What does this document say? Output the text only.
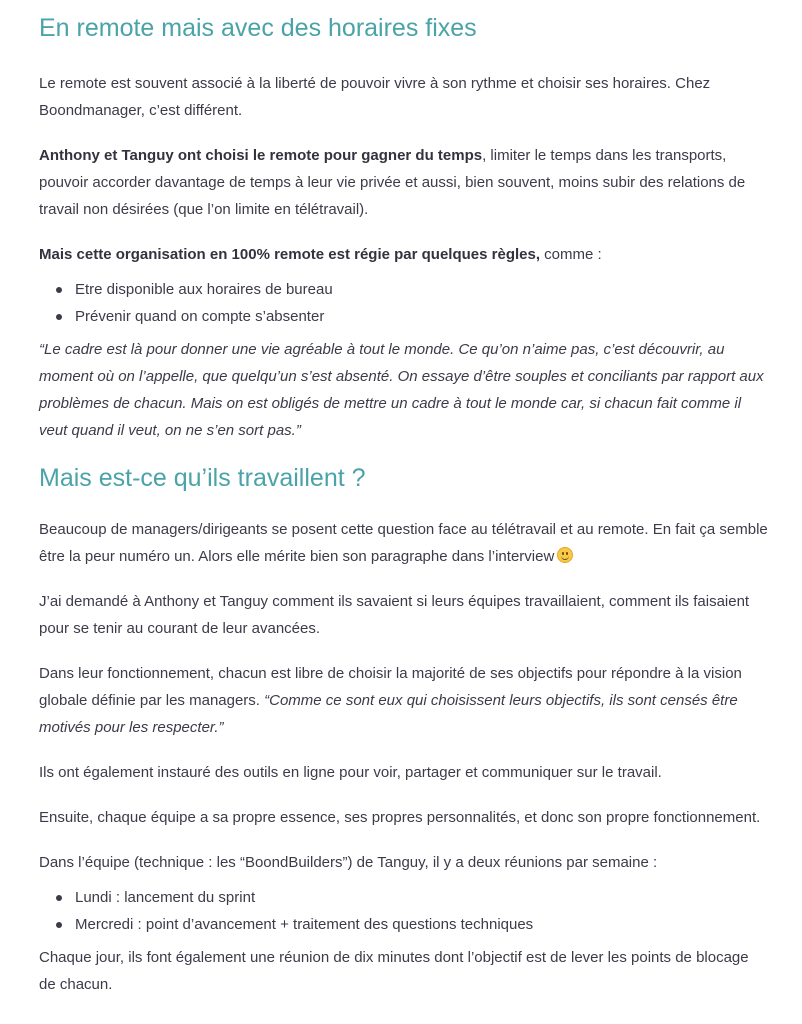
En remote mais avec des horaires fixes

Le remote est souvent associé à la liberté de pouvoir vivre à son rythme et choisir ses horaires. Chez Boondmanager, c’est différent.

Anthony et Tanguy ont choisi le remote pour gagner du temps, limiter le temps dans les transports, pouvoir accorder davantage de temps à leur vie privée et aussi, bien souvent, moins subir des relations de travail non désirées (que l’on limite en télétravail).

Mais cette organisation en 100% remote est régie par quelques règles, comme :

Etre disponible aux horaires de bureau
Prévenir quand on compte s’absenter

“Le cadre est là pour donner une vie agréable à tout le monde. Ce qu’on n’aime pas, c’est découvrir, au moment où on l’appelle, que quelqu’un s’est absenté. On essaye d’être souples et conciliants par rapport aux problèmes de chacun. Mais on est obligés de mettre un cadre à tout le monde car, si chacun fait comme il veut quand il veut, on ne s’en sort pas.”

Mais est-ce qu’ils travaillent ?

Beaucoup de managers/dirigeants se posent cette question face au télétravail et au remote. En fait ça semble être la peur numéro un. Alors elle mérite bien son paragraphe dans l’interview

J’ai demandé à Anthony et Tanguy comment ils savaient si leurs équipes travaillaient, comment ils faisaient pour se tenir au courant de leur avancées.

Dans leur fonctionnement, chacun est libre de choisir la majorité de ses objectifs pour répondre à la vision globale définie par les managers. “Comme ce sont eux qui choisissent leurs objectifs, ils sont censés être motivés pour les respecter.”

Ils ont également instauré des outils en ligne pour voir, partager et communiquer sur le travail.

Ensuite, chaque équipe a sa propre essence, ses propres personnalités, et donc son propre fonctionnement.

Dans l’équipe (technique : les “BoondBuilders”) de Tanguy, il y a deux réunions par semaine :

Lundi : lancement du sprint
Mercredi : point d’avancement + traitement des questions techniques

Chaque jour, ils font également une réunion de dix minutes dont l’objectif est de lever les points de blocage de chacun.
